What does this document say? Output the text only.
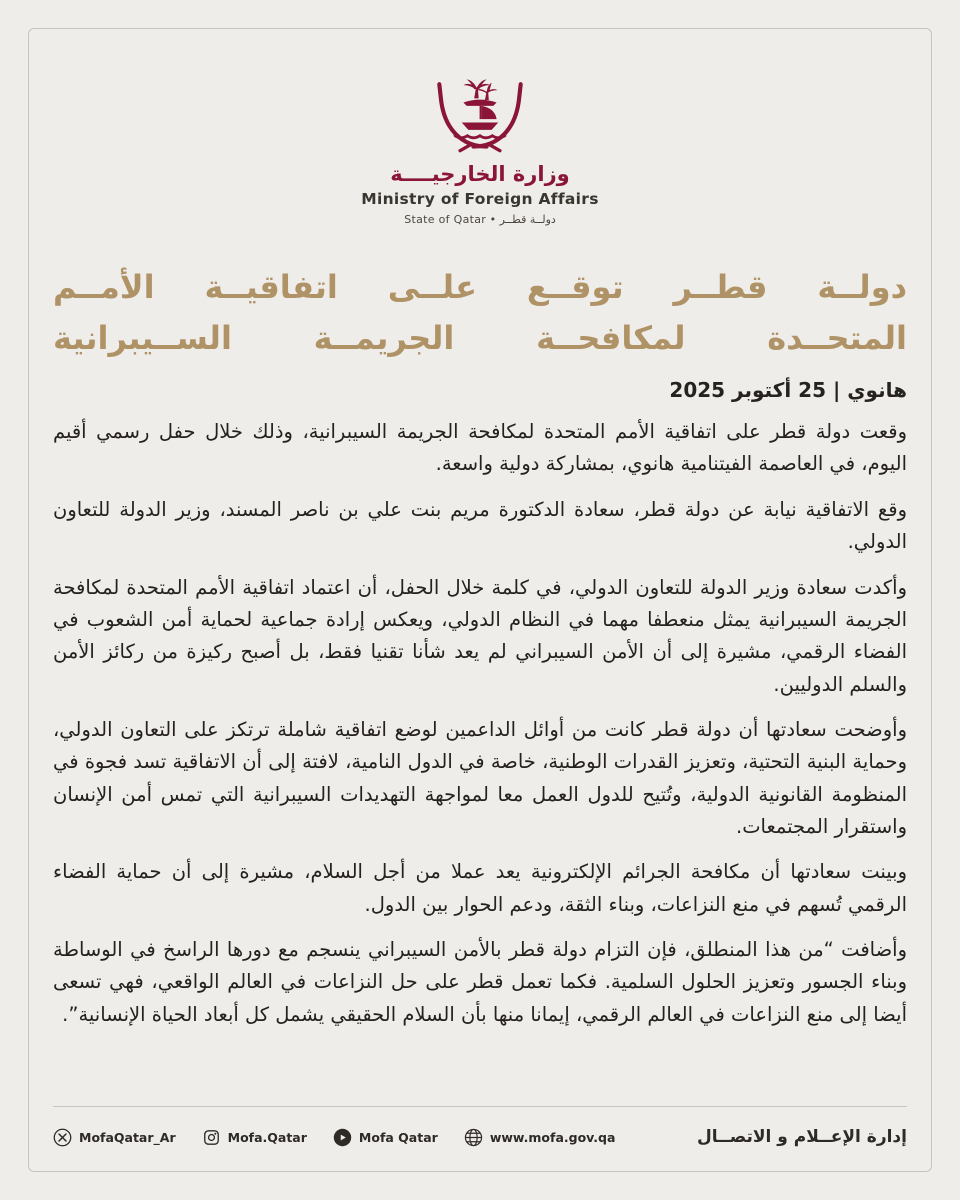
وزارة الخارجيــــة
Ministry of Foreign Affairs
دولــة قطــر • State of Qatar
دولــة قطــر توقــع علــى اتفاقيــة الأمــم
المتحــدة لمكافحــة الجريمــة الســيبرانية
هانوي | 25 أكتوبر 2025

وقعت دولة قطر على اتفاقية الأمم المتحدة لمكافحة الجريمة السيبرانية، وذلك خلال حفل رسمي أقيم اليوم، في العاصمة الفيتنامية هانوي، بمشاركة دولية واسعة.

وقع الاتفاقية نيابة عن دولة قطر، سعادة الدكتورة مريم بنت علي بن ناصر المسند، وزير الدولة للتعاون الدولي.

وأكدت سعادة وزير الدولة للتعاون الدولي، في كلمة خلال الحفل، أن اعتماد اتفاقية الأمم المتحدة لمكافحة الجريمة السيبرانية يمثل منعطفا مهما في النظام الدولي، ويعكس إرادة جماعية لحماية أمن الشعوب في الفضاء الرقمي، مشيرة إلى أن الأمن السيبراني لم يعد شأنا تقنيا فقط، بل أصبح ركيزة من ركائز الأمن والسلم الدوليين.

وأوضحت سعادتها أن دولة قطر كانت من أوائل الداعمين لوضع اتفاقية شاملة ترتكز على التعاون الدولي، وحماية البنية التحتية، وتعزيز القدرات الوطنية، خاصة في الدول النامية، لافتة إلى أن الاتفاقية تسد فجوة في المنظومة القانونية الدولية، وتُتيح للدول العمل معا لمواجهة التهديدات السيبرانية التي تمس أمن الإنسان واستقرار المجتمعات.

وبينت سعادتها أن مكافحة الجرائم الإلكترونية يعد عملا من أجل السلام، مشيرة إلى أن حماية الفضاء الرقمي تُسهم في منع النزاعات، وبناء الثقة، ودعم الحوار بين الدول.

وأضافت “من هذا المنطلق، فإن التزام دولة قطر بالأمن السيبراني ينسجم مع دورها الراسخ في الوساطة وبناء الجسور وتعزيز الحلول السلمية. فكما تعمل قطر على حل النزاعات في العالم الواقعي، فهي تسعى أيضا إلى منع النزاعات في العالم الرقمي، إيمانا منها بأن السلام الحقيقي يشمل كل أبعاد الحياة الإنسانية”.

MofaQatar_Ar	Mofa.Qatar	Mofa Qatar	www.mofa.gov.qa	إدارة الإعــلام و الاتصــال
